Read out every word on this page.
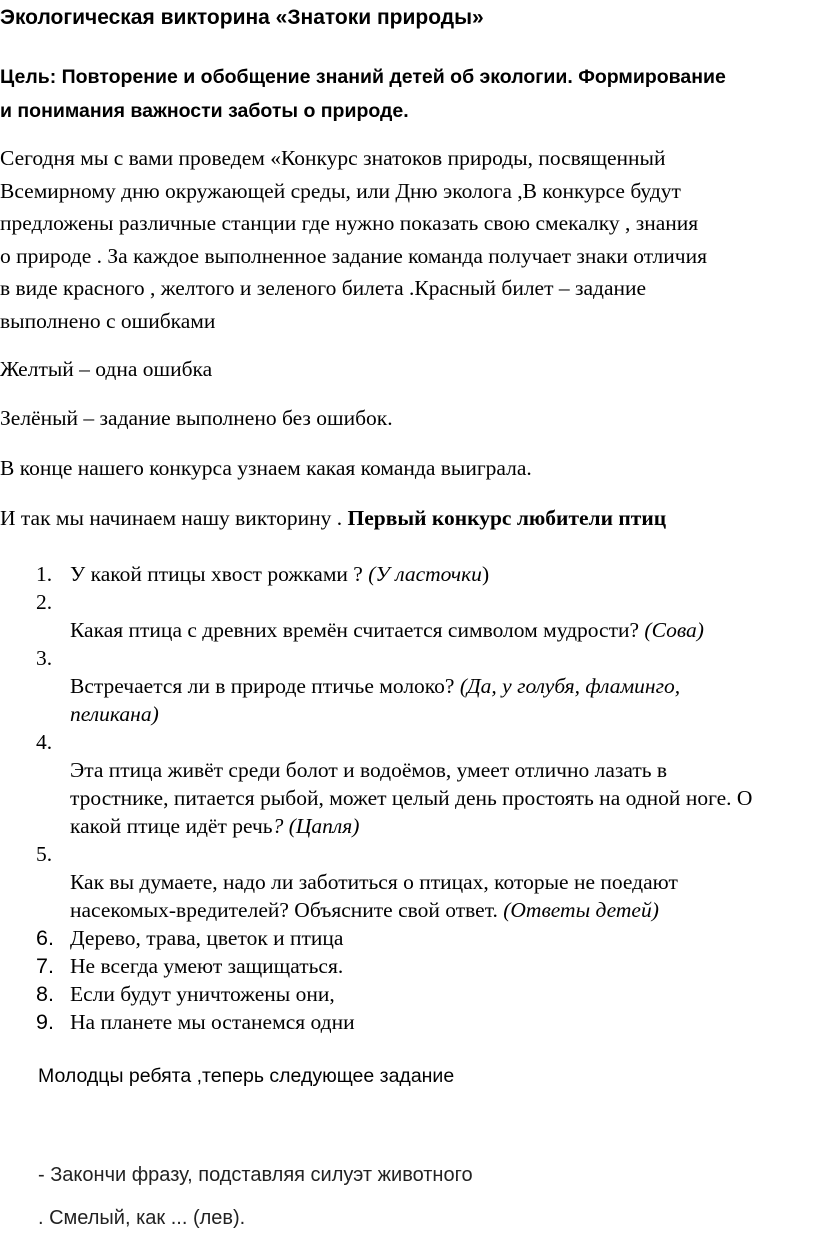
Экологическая викторина «Знатоки природы»
Цель: Повторение и обобщение знаний детей об экологии. Формирование
и понимания важности заботы о природе.
Сегодня мы с вами проведем «Конкурс знатоков природы, посвященный
Всемирному дню окружающей среды, или Дню эколога ,В конкурсе будут
предложены различные станции где нужно показать свою смекалку , знания
о природе . За каждое выполненное задание команда получает знаки отличия
в виде красного , желтого и зеленого билета .Красный билет – задание
выполнено с ошибками
Желтый – одна ошибка
Зелёный – задание выполнено без ошибок.
В конце нашего конкурса узнаем какая команда выиграла.
И так мы начинаем нашу викторину . Первый конкурс любители птиц
1. У какой птицы хвост рожками ? (У ласточки)
2.
Какая птица с древних времён считается символом мудрости? (Сова)
3.
Встречается ли в природе птичье молоко? (Да, у голубя, фламинго, пеликана)
4.
Эта птица живёт среди болот и водоёмов, умеет отлично лазать в тростнике, питается рыбой, может целый день простоять на одной ноге. О какой птице идёт речь? (Цапля)
5.
Как вы думаете, надо ли заботиться о птицах, которые не поедают насекомых-вредителей? Объясните свой ответ. (Ответы детей)
6. Дерево, трава, цветок и птица
7. Не всегда умеют защищаться.
8. Если будут уничтожены они,
9. На планете мы останемся одни
Молодцы ребята ,теперь следующее задание
- Закончи фразу, подставляя силуэт животного
. Смелый, как ... (лев).
